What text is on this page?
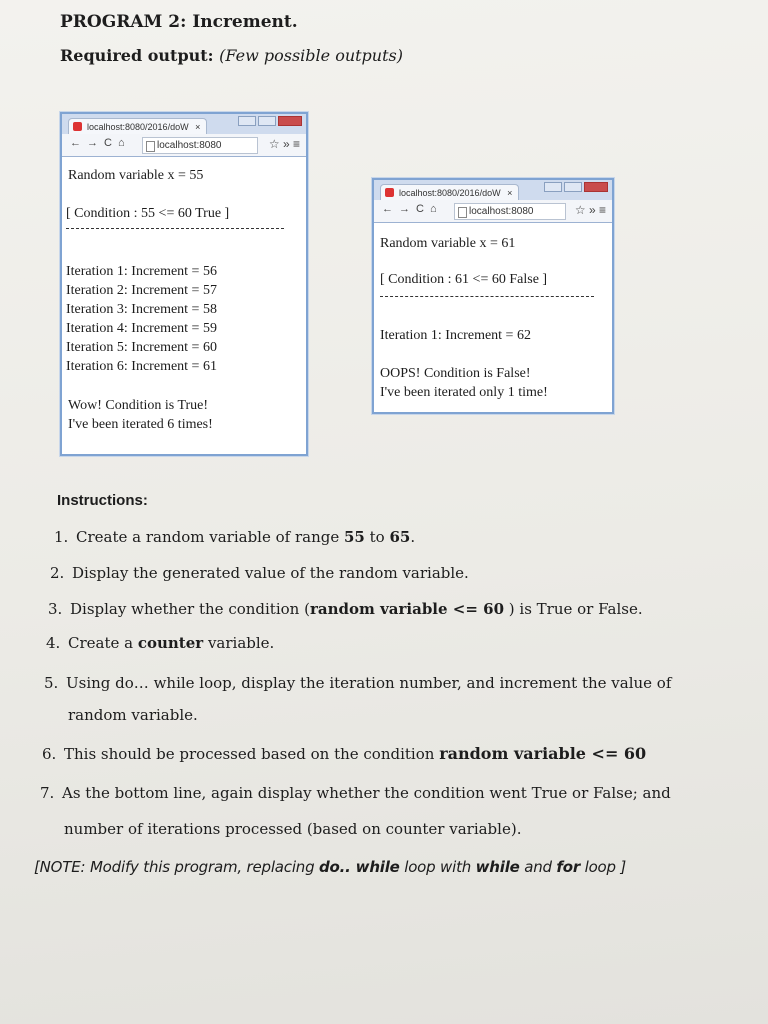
PROGRAM 2: Increment.
Required output: (Few possible outputs)
localhost:8080/2016/doW ×
←→C⌂	localhost:8080	☆ » ≡
Random variable x = 55
[ Condition : 55 <= 60 True ]
Iteration 1: Increment = 56
Iteration 2: Increment = 57
Iteration 3: Increment = 58
Iteration 4: Increment = 59
Iteration 5: Increment = 60
Iteration 6: Increment = 61
Wow! Condition is True!
I've been iterated 6 times!
localhost:8080/2016/doW ×
←→C⌂	localhost:8080	☆ » ≡
Random variable x = 61
[ Condition : 61 <= 60 False ]
Iteration 1: Increment = 62
OOPS! Condition is False!
I've been iterated only 1 time!
Instructions:
1. Create a random variable of range 55 to 65.
2. Display the generated value of the random variable.
3. Display whether the condition (random variable <= 60 ) is True or False.
4. Create a counter variable.
5. Using do… while loop, display the iteration number, and increment the value of
random variable.
6. This should be processed based on the condition random variable <= 60
7. As the bottom line, again display whether the condition went True or False; and
number of iterations processed (based on counter variable).
[NOTE: Modify this program, replacing do.. while loop with while and for loop ]
